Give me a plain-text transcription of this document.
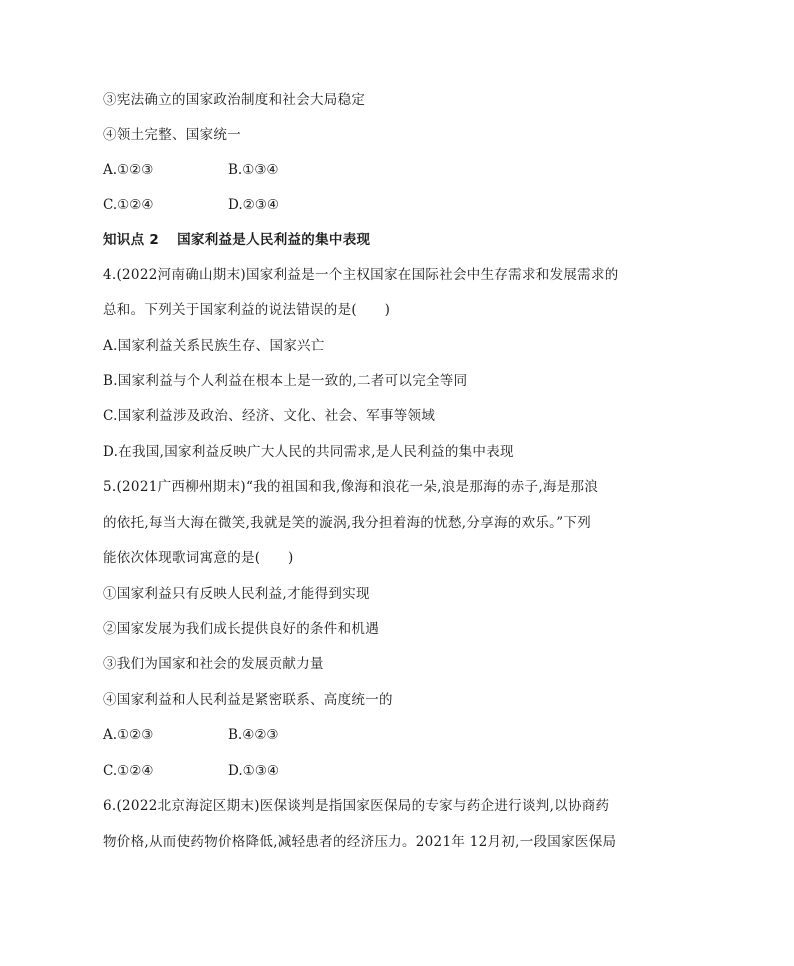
③宪法确立的国家政治制度和社会大局稳定
④领土完整、国家统一
A.①②③	B.①③④
C.①②④	D.②③④
知识点 2 国家利益是人民利益的集中表现
4.(2022河南确山期末)国家利益是一个主权国家在国际社会中生存需求和发展需求的
总和。下列关于国家利益的说法错误的是(　　)
A.国家利益关系民族生存、国家兴亡
B.国家利益与个人利益在根本上是一致的,二者可以完全等同
C.国家利益涉及政治、经济、文化、社会、军事等领域
D.在我国,国家利益反映广大人民的共同需求,是人民利益的集中表现
5.(2021广西柳州期末)“我的祖国和我,像海和浪花一朵,浪是那海的赤子,海是那浪
的依托,每当大海在微笑,我就是笑的漩涡,我分担着海的忧愁,分享海的欢乐。”下列
能依次体现歌词寓意的是(　　)
①国家利益只有反映人民利益,才能得到实现
②国家发展为我们成长提供良好的条件和机遇
③我们为国家和社会的发展贡献力量
④国家利益和人民利益是紧密联系、高度统一的
A.①②③	B.④②③
C.①②④	D.①③④
6.(2022北京海淀区期末)医保谈判是指国家医保局的专家与药企进行谈判,以协商药
物价格,从而使药物价格降低,减轻患者的经济压力。2021年 12月初,一段国家医保局
